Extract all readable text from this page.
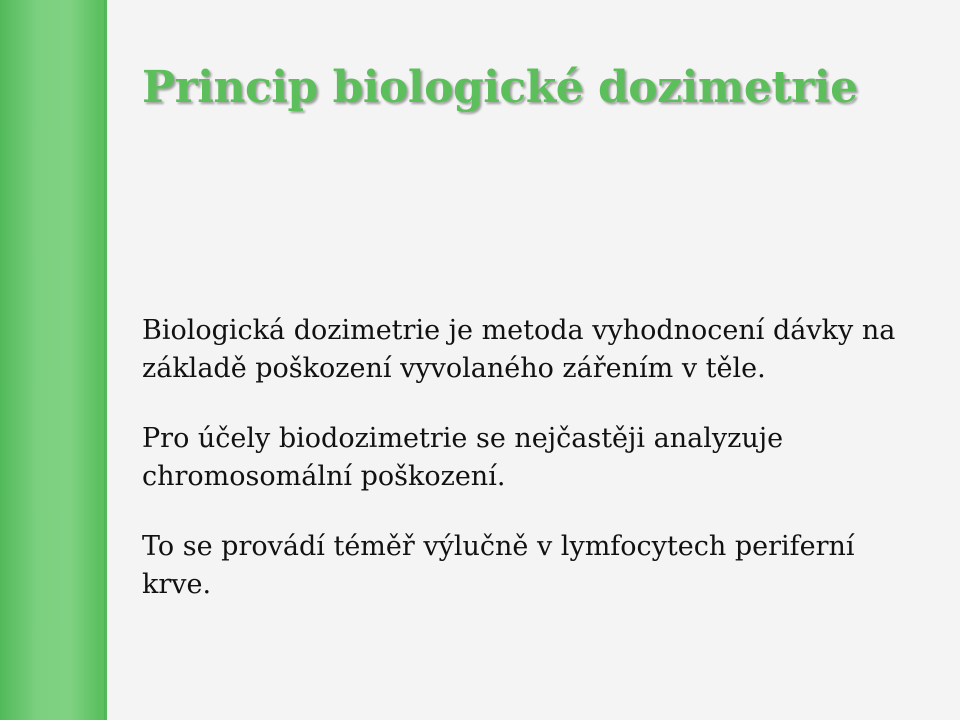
Princip biologické dozimetrie

Biologická dozimetrie je metoda vyhodnocení dávky na základě poškození vyvolaného zářením v těle.

Pro účely biodozimetrie se nejčastěji analyzuje chromosomální poškození.

To se provádí téměř výlučně v lymfocytech periferní krve.
